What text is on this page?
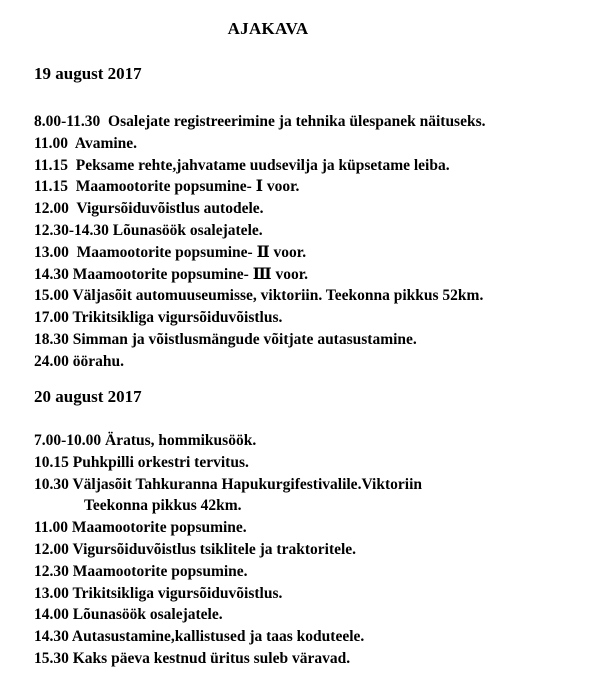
AJAKAVA
19 august 2017
8.00-11.30  Osalejate registreerimine ja tehnika ülespanek näituseks.
11.00  Avamine.
11.15  Peksame rehte,jahvatame uudsevilja ja küpsetame leiba.
11.15  Maamootorite popsumine- Ⅰ voor.
12.00  Vigursõiduvõistlus autodele.
12.30-14.30 Lõunasöök osalejatele.
13.00  Maamootorite popsumine- Ⅱ voor.
14.30 Maamootorite popsumine- Ⅲ voor.
15.00 Väljasõit automuuseumisse, viktoriin. Teekonna pikkus 52km.
17.00 Trikitsikliga vigursõiduvõistlus.
18.30 Simman ja võistlusmängude võitjate autasustamine.
24.00 öörahu.
20 august 2017
7.00-10.00 Äratus, hommikusöök.
10.15 Puhkpilli orkestri tervitus.
10.30 Väljasõit Tahkuranna Hapukurgifestivalile.Viktoriin
Teekonna pikkus 42km.
11.00 Maamootorite popsumine.
12.00 Vigursõiduvõistlus tsiklitele ja traktoritele.
12.30 Maamootorite popsumine.
13.00 Trikitsikliga vigursõiduvõistlus.
14.00 Lõunasöök osalejatele.
14.30 Autasustamine,kallistused ja taas koduteele.
15.30 Kaks päeva kestnud üritus suleb väravad.
